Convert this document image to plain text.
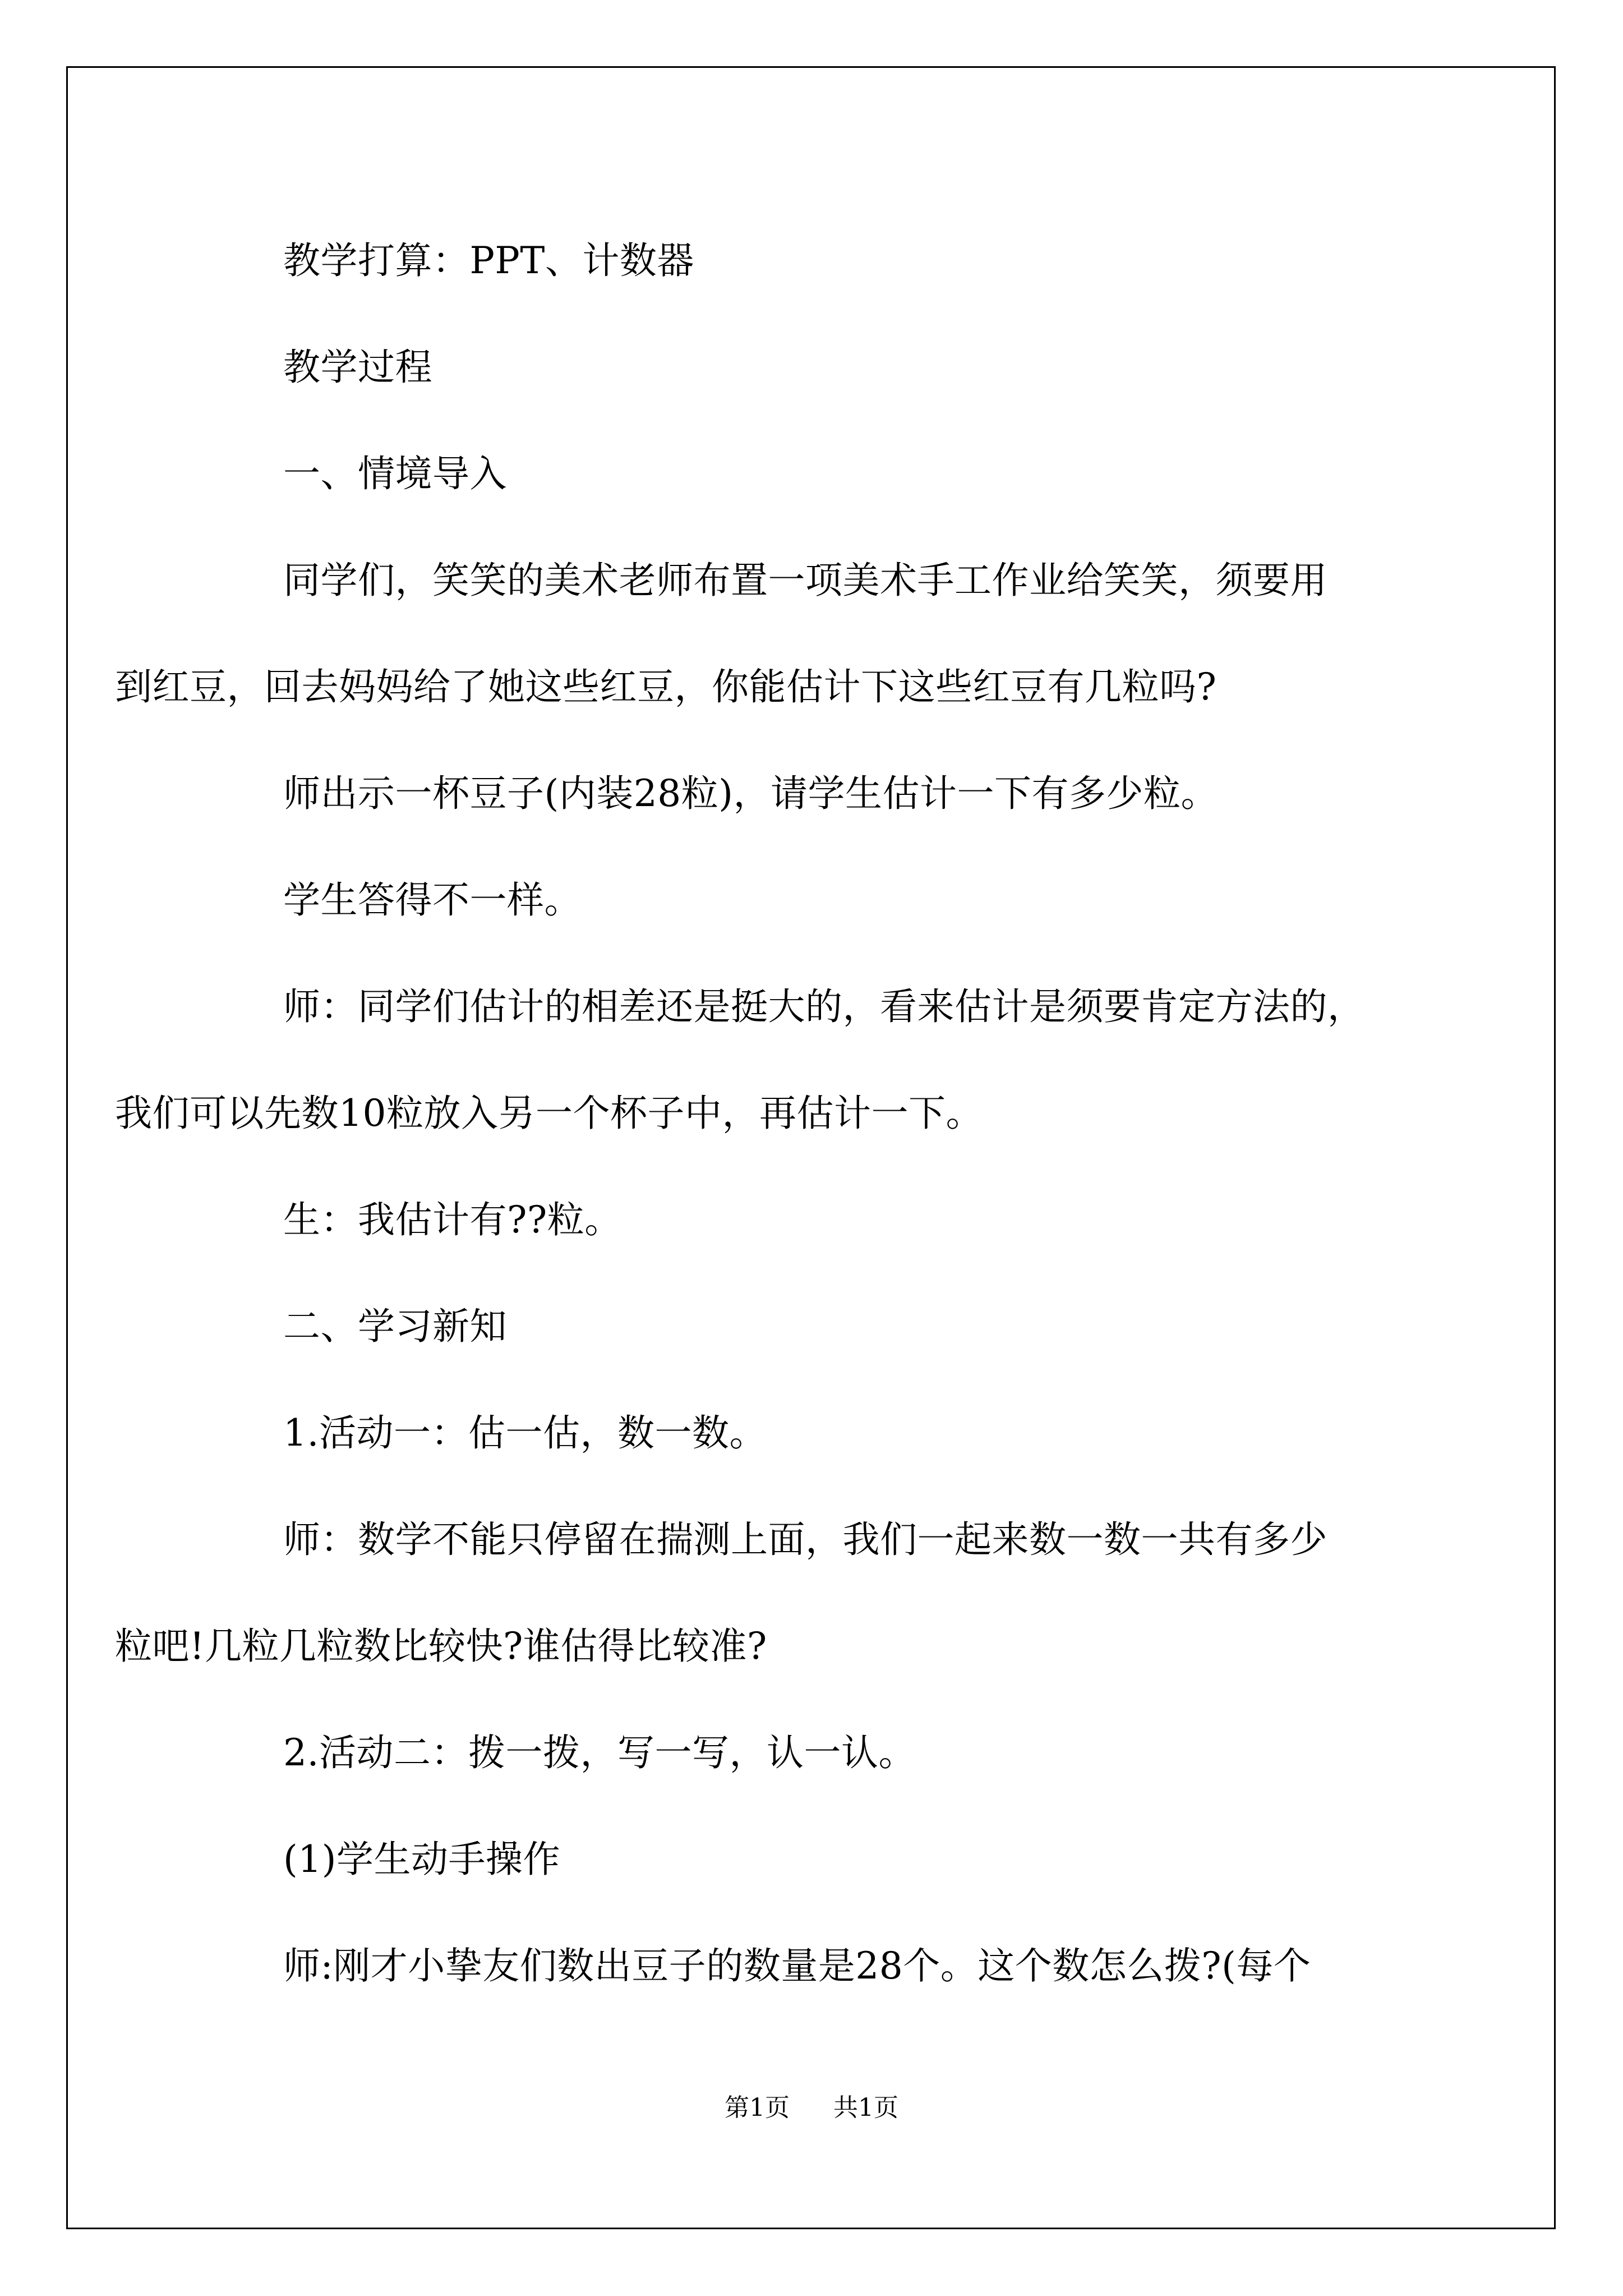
教学打算：PPT、计数器

教学过程

一、情境导入

同学们，笑笑的美术老师布置一项美术手工作业给笑笑，须要用
到红豆，回去妈妈给了她这些红豆，你能估计下这些红豆有几粒吗?

师出示一杯豆子(内装28粒)，请学生估计一下有多少粒。

学生答得不一样。

师：同学们估计的相差还是挺大的，看来估计是须要肯定方法的，
我们可以先数10粒放入另一个杯子中，再估计一下。

生：我估计有??粒。

二、学习新知

1.活动一：估一估，数一数。

师：数学不能只停留在揣测上面，我们一起来数一数一共有多少
粒吧!几粒几粒数比较快?谁估得比较准?

2.活动二：拨一拨，写一写，认一认。

(1)学生动手操作

师:刚才小挚友们数出豆子的数量是28个。这个数怎么拨?(每个

第1页 共1页
